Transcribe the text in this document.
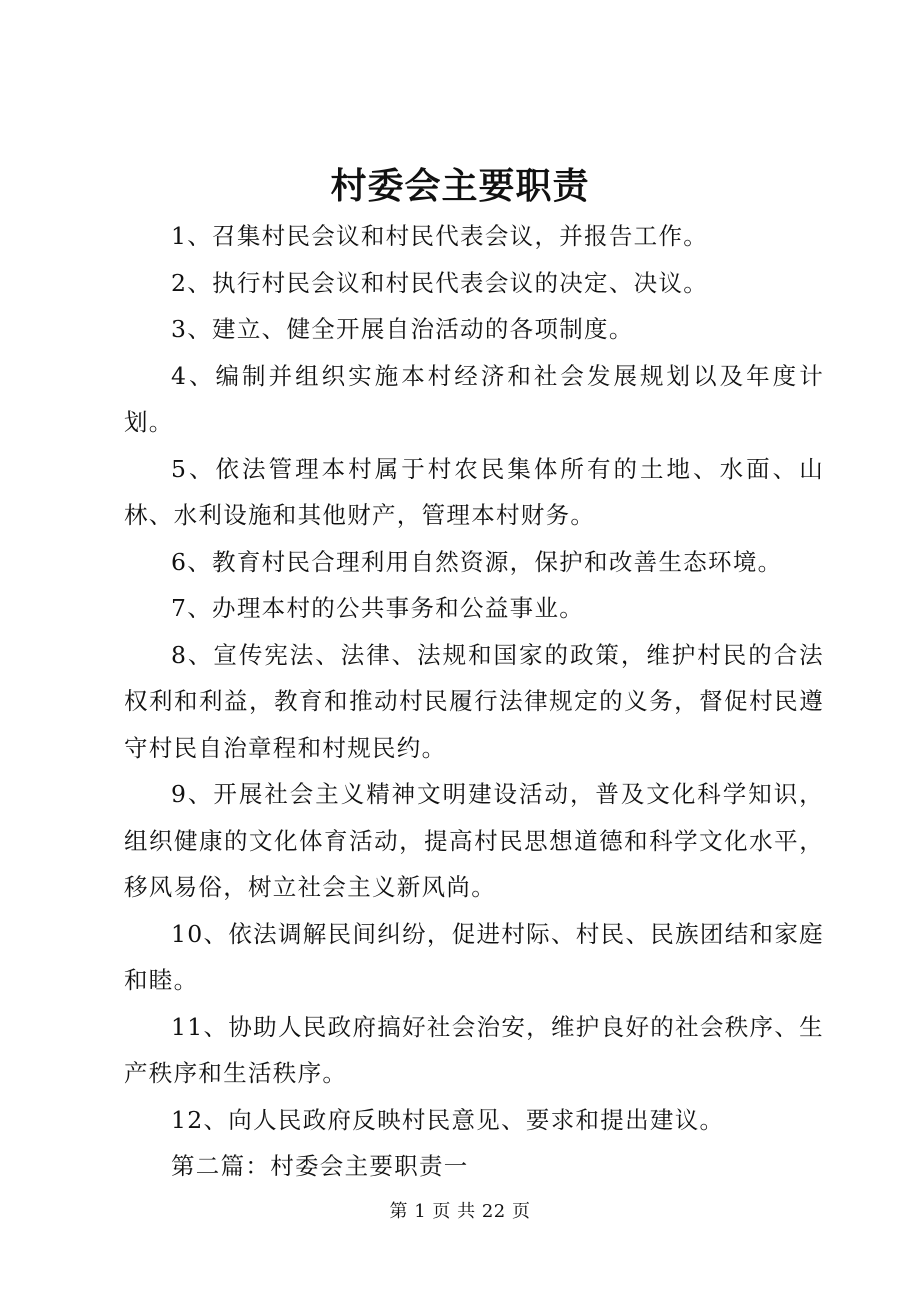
村委会主要职责

1、召集村民会议和村民代表会议，并报告工作。

2、执行村民会议和村民代表会议的决定、决议。

3、建立、健全开展自治活动的各项制度。

4、编制并组织实施本村经济和社会发展规划以及年度计划。

5、依法管理本村属于村农民集体所有的土地、水面、山林、水利设施和其他财产，管理本村财务。

6、教育村民合理利用自然资源，保护和改善生态环境。

7、办理本村的公共事务和公益事业。

8、宣传宪法、法律、法规和国家的政策，维护村民的合法权利和利益，教育和推动村民履行法律规定的义务，督促村民遵守村民自治章程和村规民约。

9、开展社会主义精神文明建设活动，普及文化科学知识，组织健康的文化体育活动，提高村民思想道德和科学文化水平，移风易俗，树立社会主义新风尚。

10、依法调解民间纠纷，促进村际、村民、民族团结和家庭和睦。

11、协助人民政府搞好社会治安，维护良好的社会秩序、生产秩序和生活秩序。

12、向人民政府反映村民意见、要求和提出建议。

第二篇：村委会主要职责一

第 1 页 共 22 页
